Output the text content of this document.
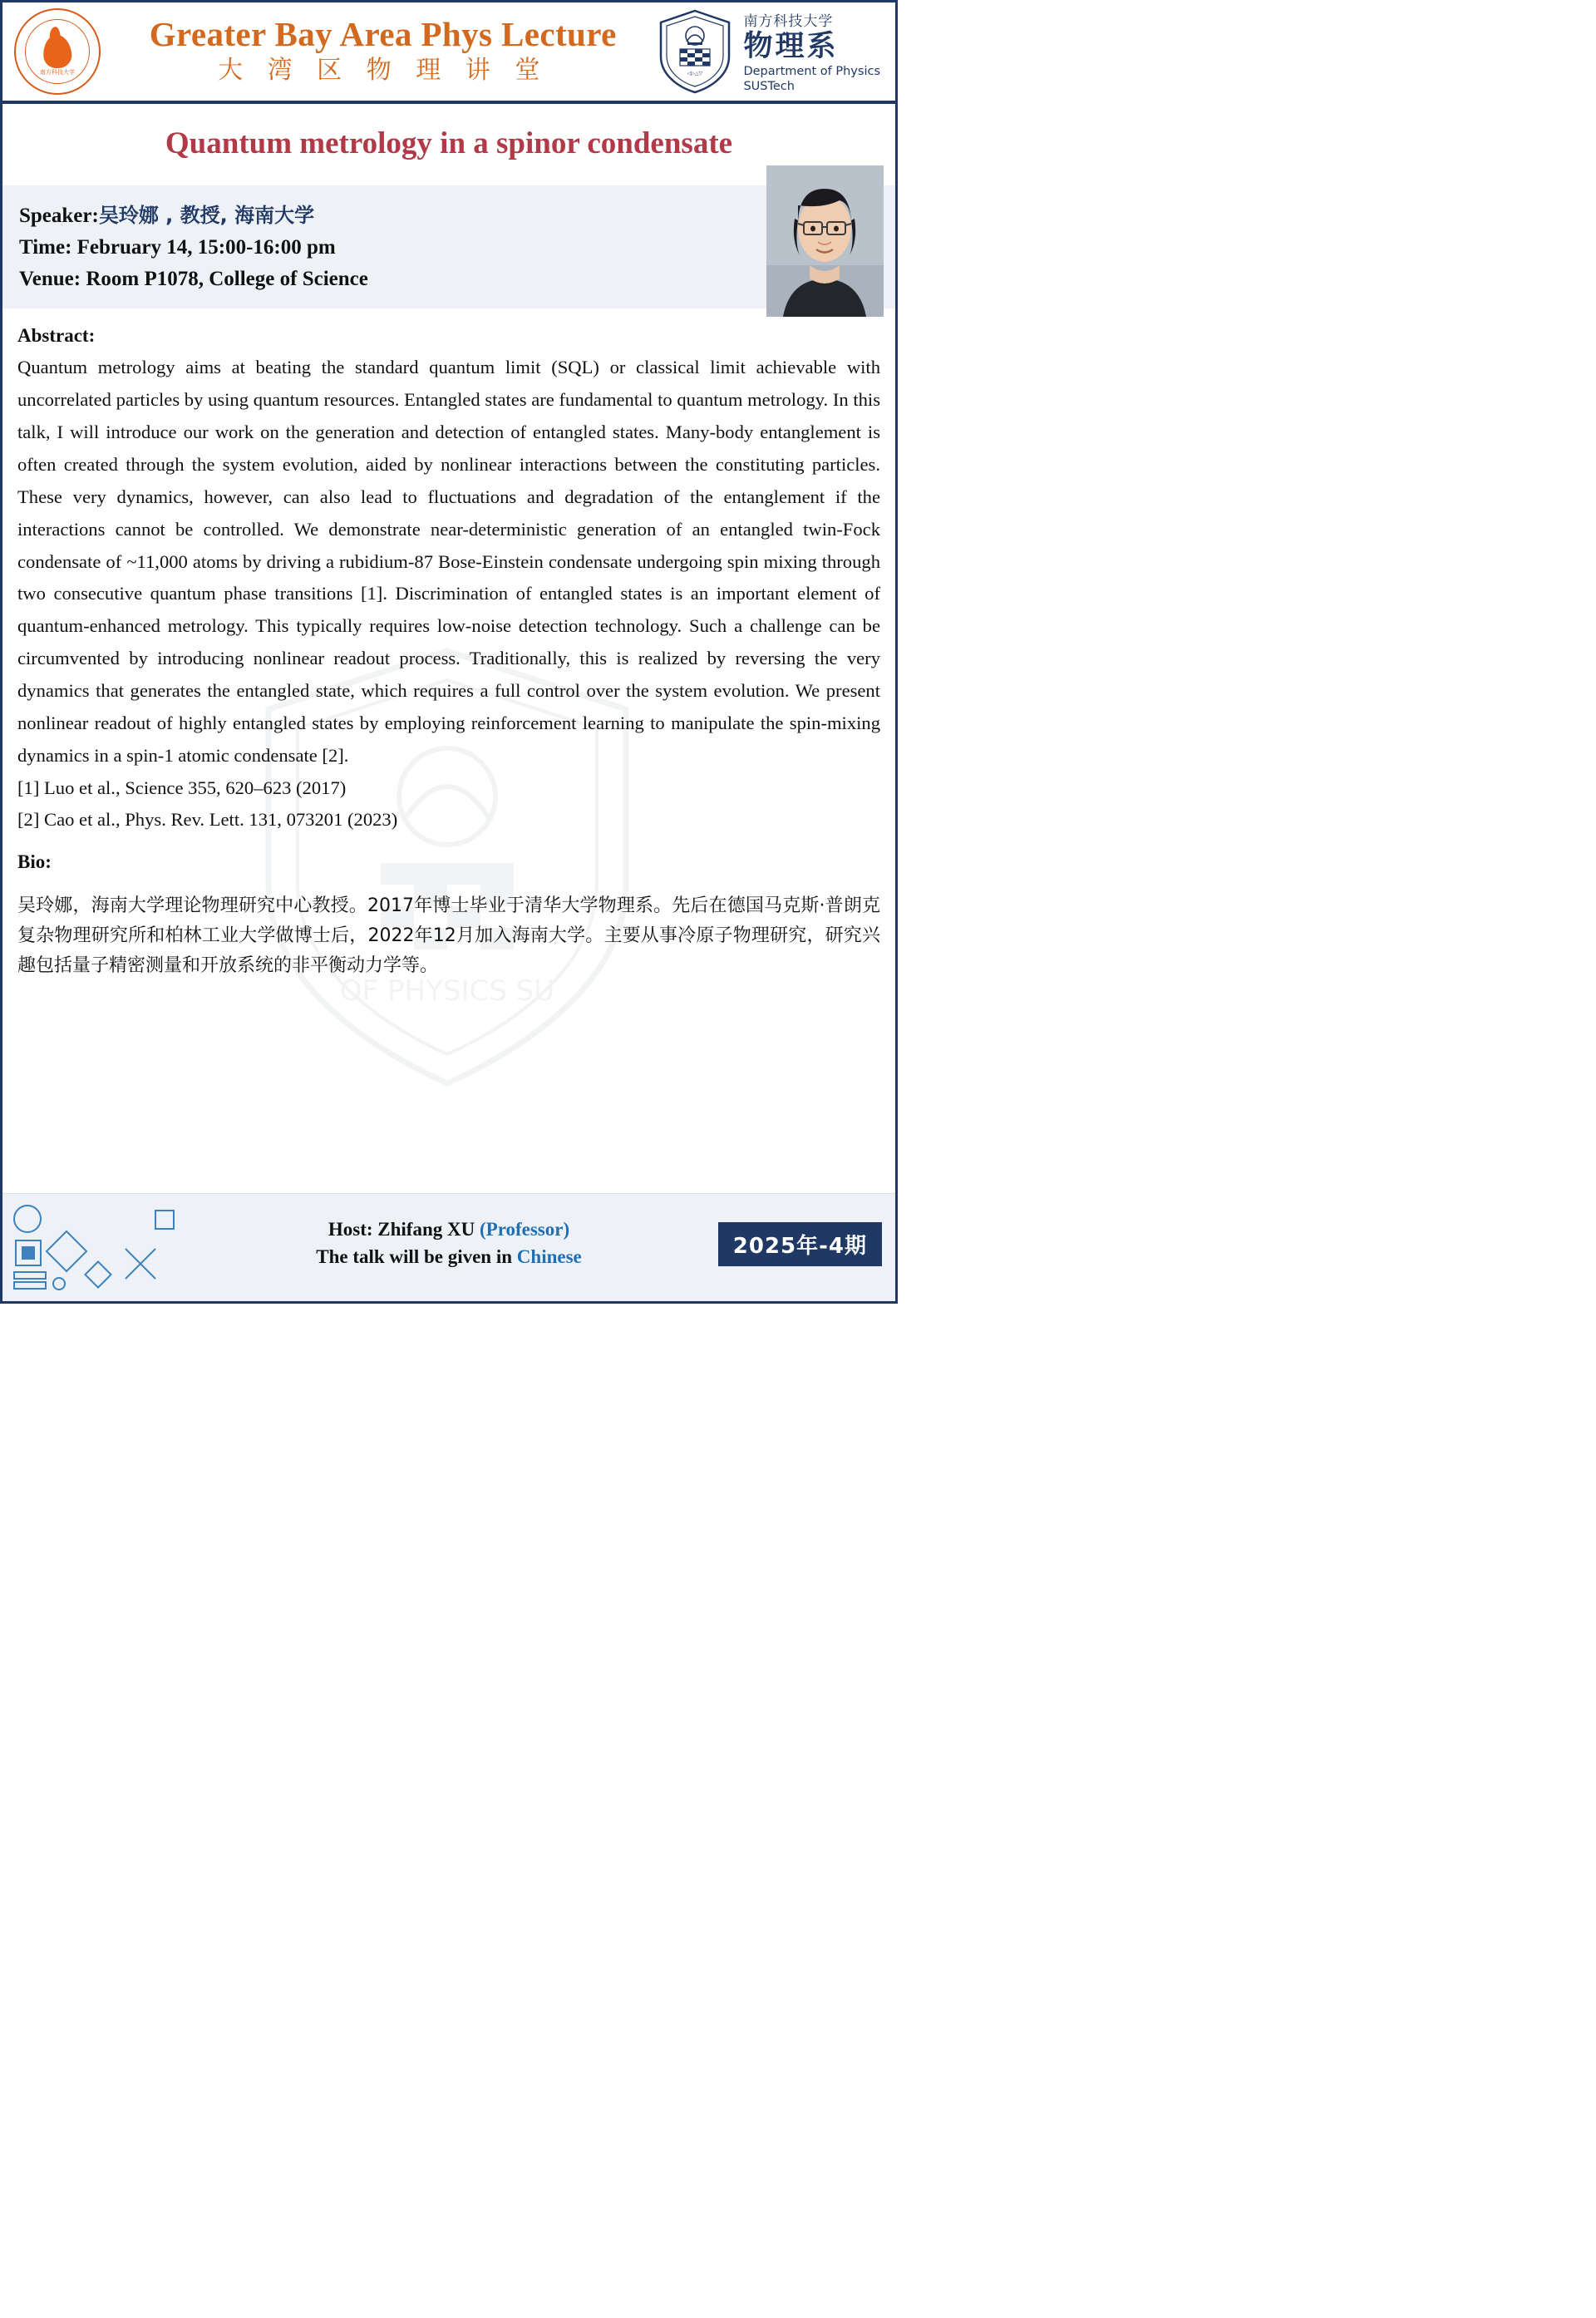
南方科技大学
Greater Bay Area Phys Lecture
大 湾 区 物 理 讲 堂	◁▷△▽
南方科技大学
物理系
Department of Physics
SUSTech
Quantum metrology in a spinor condensate
Speaker:吴玲娜 , 教授, 海南大学
Time: February 14, 15:00-16:00 pm
Venue: Room P1078, College of Science
OF PHYSICS SU
Abstract:

Quantum metrology aims at beating the standard quantum limit (SQL) or classical limit achievable with uncorrelated particles by using quantum resources. Entangled states are fundamental to quantum metrology. In this talk, I will introduce our work on the generation and detection of entangled states. Many-body entanglement is often created through the system evolution, aided by nonlinear interactions between the constituting particles. These very dynamics, however, can also lead to fluctuations and degradation of the entanglement if the interactions cannot be controlled. We demonstrate near-deterministic generation of an entangled twin-Fock condensate of ~11,000 atoms by driving a rubidium-87 Bose-Einstein condensate undergoing spin mixing through two consecutive quantum phase transitions [1]. Discrimination of entangled states is an important element of quantum-enhanced metrology. This typically requires low-noise detection technology. Such a challenge can be circumvented by introducing nonlinear readout process. Traditionally, this is realized by reversing the very dynamics that generates the entangled state, which requires a full control over the system evolution. We present nonlinear readout of highly entangled states by employing reinforcement learning to manipulate the spin-mixing dynamics in a spin-1 atomic condensate [2].

[1] Luo et al., Science 355, 620–623 (2017)
[2] Cao et al., Phys. Rev. Lett. 131, 073201 (2023)
Bio:

吴玲娜，海南大学理论物理研究中心教授。2017年博士毕业于清华大学物理系。先后在德国马克斯·普朗克复杂物理研究所和柏林工业大学做博士后，2022年12月加入海南大学。主要从事冷原子物理研究，研究兴趣包括量子精密测量和开放系统的非平衡动力学等。

Host: Zhifang XU (Professor)
The talk will be given in Chinese	2025年-4期
